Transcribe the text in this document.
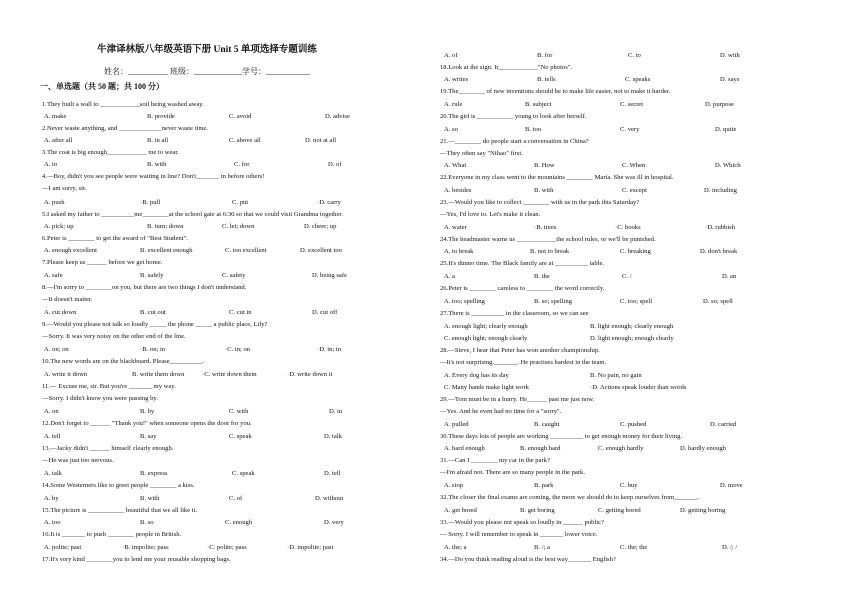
牛津译林版八年级英语下册 Unit 5 单项选择专题训练
姓名：__________ 班级：____________学号：___________
一、单选题（共 50 题；共 100 分）
1.They built a wall to ____________soil being washed away.
A. make	B. provide	C. avoid	D. advise
2.Never waste anything, and _____________never waste time.
A. after all	B. in all	C. above all	D. not at all
3.The coat is big enough____________ me to wear.
A. to	B. with	C. for	D. of
4.—Boy, didn't you see people were waiting in line? Don't_______ in before others!
—I am sorry, sir.
A. push	·B. pull	C. put	·D. carry
5.I asked my father to __________me________at the school gate at 6:30 so that we could visit Grandma together.
A. pick; up	B. turn; down	C. let; down	D. cheer; up
6.Peter is ________ to get the award of "Best Student".
A. enough excellent	B. excellent enough	C. too excellent	D. excellent too
7.Please keep us ______ before we get home.
A. safe	B. safely	C. safety	D. being safe
8.—I'm sorry to ________on you, but there are two things I don't understand.
—It doesn't matter.
A. cut down	B. cut out	C. cut in	D. cut off
9.—Would you please not talk so loudly _____ the phone _____ a public place, Lily?
—Sorry. It was very noisy on the other end of the line.
A. on; on	·B. on; in	·C. in; on	·D. in; in
10.The new words are on the blackboard. Please__________.
A. write it down	B. write them down	·C. write down them	·D. write down it
11.— Excuse me, sir. But you're _______ my way.
—Sorry. I didn't know you were passing by.
A. on	B. by	C. with	D. in
12.Don't forget to ______ "Thank you!" when someone opens the door for you.
A. tell	B. say	C. speak	D. talk
13.—Jacky didn't ______ himself clearly enough.
—He was just too nervous.
A. talk	B. express	C. speak	D. tell
14.Some Westerners like to greet people ________ a kiss.
A. by	B. with	C. of	D. without
15.The picture is ___________ beautiful that we all like it.
A. too	B. so	C. enough	D. very
16.It is _______ to push ________ people in British.
A. polite; past	·B. impolite; pass	·C. polite; pass	·D. impolite; past
17.It's very kind ________you to lend me your reusable shopping bags.
A. of	B. for	C. to	D. with
18.Look at the sign. It____________"No photos".
A. writes	B. tells	C. speaks	D. says
19.The________ of new inventions should be to make life easier, not to make it harder.
A. rule	B. subject	C. secret	D. purpose
20.The girl is ___________ young to look after herself.
A. so	B. too	C. very	D. quite
21.—________ do people start a conversation in China?
—They often say "Nihao" first.
A. What	B. How	C. When	D. Which
22.Everyone in my class went to the mountains ________ Maria. She was ill in hospital.
A. besides	B. with	C. except	D. including
23.—Would you like to collect ________ with us in the park this Saturday?
—Yes, I'd love to. Let's make it clean.
A. water	·B. trees	·C. books	·D. rubbish
24.The headmaster warns us ____________the school rules, or we'll be punished.
A. to break	B. not to break	C. breaking	D. don't break
25.It's dinner time. The Black family are at __________ table.
A. a	B. the	C. /	D. an
26.Peter is ________ careless to ________ the word correctly.
A. too; spelling	B. so; spelling	C. too; spell	D. so; spell
27.There is __________ in the classroom, so we can see
A. enough light; clearly enough	B. light enough; clearly enough
C. enough light; enough clearly	D. light enough; enough clearly
28.—Steve, I hear that Peter has won another championship.
—It's not surprising._______. He practises hardest in the team.
A. Every dog has its day	B. No pain, no gain
C. Many hands make light work	·D. Actions speak louder than words
29.—Tom must be in a hurry. He______ past me just now.
—Yes. And he even had no time for a "sorry".
A. pulled	B. caught	C. pushed	D. carried
30.These days lots of people are working __________ to get enough money for their living.
A. hard enough	B. enough hard	C. enough hardly	D. hardly enough
31.—Can I ________ my car in the park?
—I'm afraid not. There are so many people in the park.
A. stop	B. park	C. buy	D. move
32.The closer the final exams are coming, the more we should do to keep ourselves from_______.
A. get bored	B. get boring	C. getting bored	D. getting boring
33.—Would you please not speak so loudly in ______ public?
— Sorry. I will remember to speak in _______ lower voice.
A. the; a	B. /; a	C. the; the	D. /; /
34.—Do you think reading aloud is the best way_______ English?
